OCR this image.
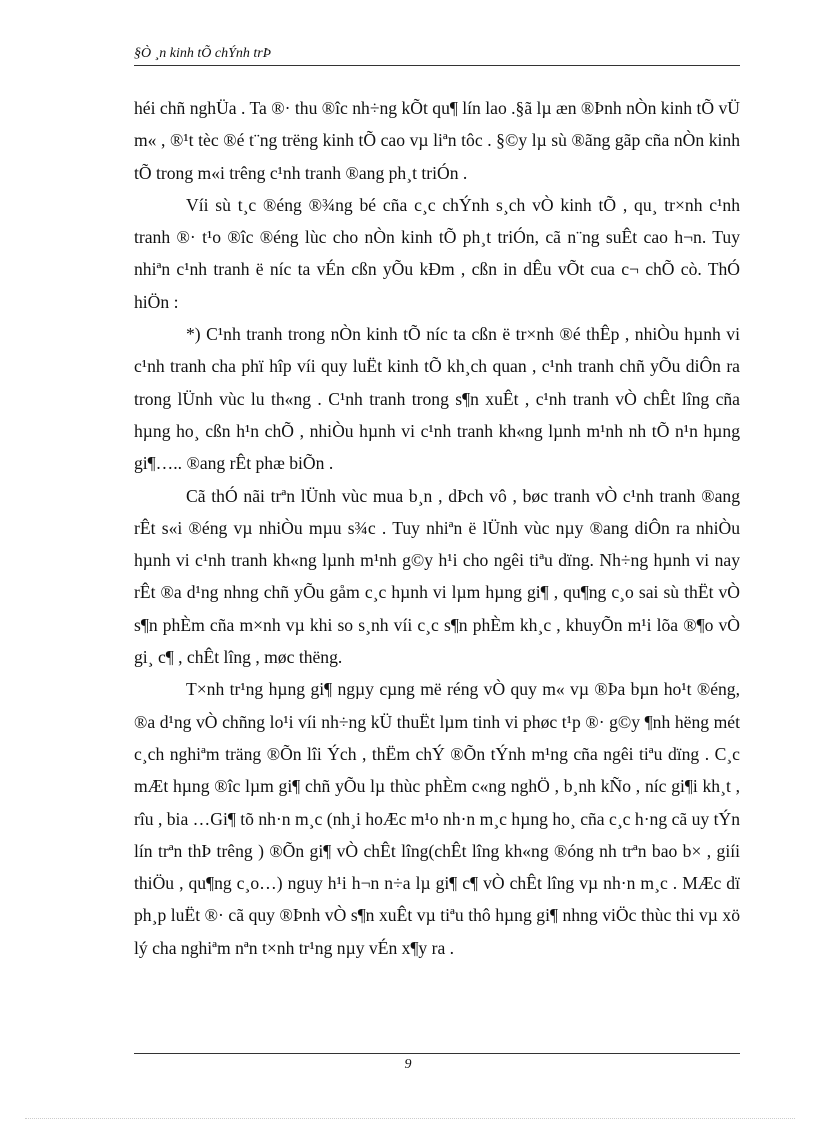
§Ò ¸n kinh tÕ chÝnh trÞ

héi chñ nghÜa . Ta ®· thu ®îc nh÷ng kÕt qu¶ lín lao .§ã lµ æn ®Þnh nÒn kinh tÕ vÜ m« , ®¹t tèc ®é t¨ng trëng kinh tÕ cao vµ liªn tôc . §©y lµ sù ®ãng gãp cña nÒn kinh tÕ trong m«i trêng c¹nh tranh ®ang ph¸t triÓn .

Víi sù t¸c ®éng ®¾ng bé cña c¸c chÝnh s¸ch vÒ kinh tÕ , qu¸ tr×nh c¹nh tranh ®· t¹o ®îc ®éng lùc cho nÒn kinh tÕ ph¸t triÓn, cã n¨ng suÊt cao h¬n. Tuy nhiªn c¹nh tranh ë níc ta vÉn cßn yÕu kÐm , cßn in dÊu vÕt cua c¬ chÕ cò. ThÓ hiÖn :

*) C¹nh tranh trong nÒn kinh tÕ níc ta cßn ë tr×nh ®é thÊp , nhiÒu hµnh vi c¹nh tranh cha phï hîp víi quy luËt kinh tÕ kh¸ch quan , c¹nh tranh chñ yÕu diÔn ra trong lÜnh vùc lu th«ng . C¹nh tranh trong s¶n xuÊt , c¹nh tranh vÒ chÊt lîng cña hµng ho¸ cßn h¹n chÕ , nhiÒu hµnh vi c¹nh tranh kh«ng lµnh m¹nh nh tÕ n¹n hµng gi¶….. ®ang rÊt phæ biÕn .

Cã thÓ nãi trªn lÜnh vùc mua b¸n , dÞch vô , bøc tranh vÒ c¹nh tranh ®ang rÊt s«i ®éng vµ nhiÒu mµu s¾c . Tuy nhiªn ë lÜnh vùc nµy ®ang diÔn ra nhiÒu hµnh vi c¹nh tranh kh«ng lµnh m¹nh g©y h¹i cho ngêi tiªu dïng. Nh÷ng hµnh vi nay rÊt ®a d¹ng nhng chñ yÕu gåm c¸c hµnh vi lµm hµng gi¶ , qu¶ng c¸o sai sù thËt vÒ s¶n phÈm cña m×nh vµ khi so s¸nh víi c¸c s¶n phÈm kh¸c , khuyÕn m¹i lõa ®¶o vÒ gi¸ c¶ , chÊt lîng , møc thëng.

T×nh tr¹ng hµng gi¶ ngµy cµng më réng vÒ quy m« vµ ®Þa bµn ho¹t ®éng, ®a d¹ng vÒ chñng lo¹i víi nh÷ng kÜ thuËt lµm tinh vi phøc t¹p ®· g©y ¶nh hëng mét c¸ch nghiªm träng ®Õn lîi Ých , thËm chÝ ®Õn tÝnh m¹ng cña ngêi tiªu dïng . C¸c mÆt hµng ®îc lµm gi¶ chñ yÕu lµ thùc phÈm c«ng nghÖ , b¸nh kÑo , níc gi¶i kh¸t , rîu , bia …Gi¶ tõ nh·n m¸c (nh¸i hoÆc m¹o nh·n m¸c hµng ho¸ cña c¸c h·ng cã uy tÝn lín trªn thÞ trêng ) ®Õn gi¶ vÒ chÊt lîng(chÊt lîng kh«ng ®óng nh trªn bao b× , giíi thiÖu , qu¶ng c¸o…) nguy h¹i h¬n n÷a lµ gi¶ c¶ vÒ chÊt lîng vµ nh·n m¸c . MÆc dï ph¸p luËt ®· cã quy ®Þnh vÒ s¶n xuÊt vµ tiªu thô hµng gi¶ nhng viÖc thùc thi vµ xö lý cha nghiªm nªn t×nh tr¹ng nµy vÉn x¶y ra .

9
